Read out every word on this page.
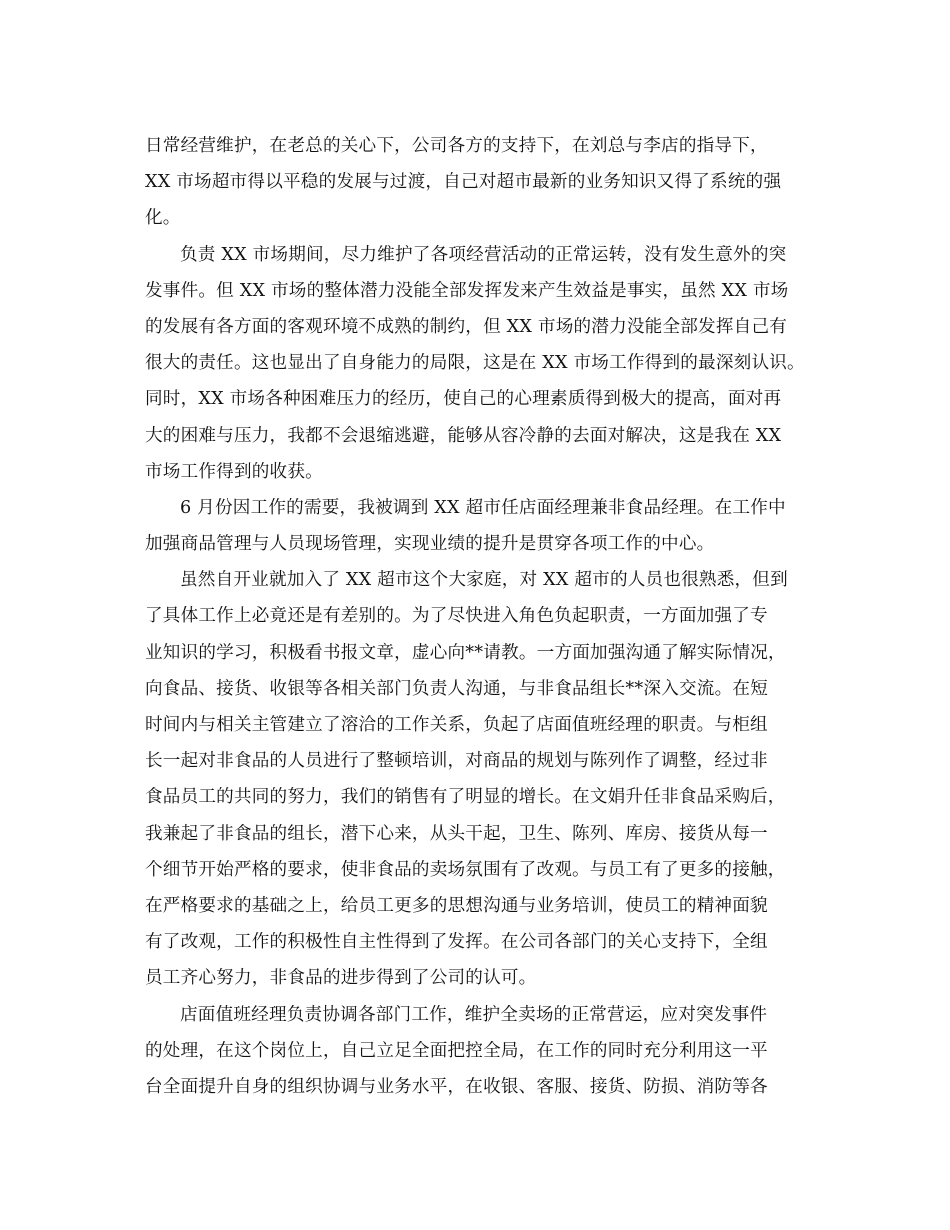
日常经营维护，在老总的关心下，公司各方的支持下，在刘总与李店的指导下，
XX 市场超市得以平稳的发展与过渡，自己对超市最新的业务知识又得了系统的强
化。
负责 XX 市场期间，尽力维护了各项经营活动的正常运转，没有发生意外的突
发事件。但 XX 市场的整体潜力没能全部发挥发来产生效益是事实，虽然 XX 市场
的发展有各方面的客观环境不成熟的制约，但 XX 市场的潜力没能全部发挥自己有
很大的责任。这也显出了自身能力的局限，这是在 XX 市场工作得到的最深刻认识。
同时，XX 市场各种困难压力的经历，使自己的心理素质得到极大的提高，面对再
大的困难与压力，我都不会退缩逃避，能够从容冷静的去面对解决，这是我在 XX
市场工作得到的收获。
6 月份因工作的需要，我被调到 XX 超市任店面经理兼非食品经理。在工作中
加强商品管理与人员现场管理，实现业绩的提升是贯穿各项工作的中心。
虽然自开业就加入了 XX 超市这个大家庭，对 XX 超市的人员也很熟悉，但到
了具体工作上必竟还是有差别的。为了尽快进入角色负起职责，一方面加强了专
业知识的学习，积极看书报文章，虚心向**请教。一方面加强沟通了解实际情况，
向食品、接货、收银等各相关部门负责人沟通，与非食品组长**深入交流。在短
时间内与相关主管建立了溶洽的工作关系，负起了店面值班经理的职责。与柜组
长一起对非食品的人员进行了整顿培训，对商品的规划与陈列作了调整，经过非
食品员工的共同的努力，我们的销售有了明显的增长。在文娟升任非食品采购后，
我兼起了非食品的组长，潜下心来，从头干起，卫生、陈列、库房、接货从每一
个细节开始严格的要求，使非食品的卖场氛围有了改观。与员工有了更多的接触，
在严格要求的基础之上，给员工更多的思想沟通与业务培训，使员工的精神面貌
有了改观，工作的积极性自主性得到了发挥。在公司各部门的关心支持下，全组
员工齐心努力，非食品的进步得到了公司的认可。
店面值班经理负责协调各部门工作，维护全卖场的正常营运，应对突发事件
的处理，在这个岗位上，自己立足全面把控全局，在工作的同时充分利用这一平
台全面提升自身的组织协调与业务水平，在收银、客服、接货、防损、消防等各
